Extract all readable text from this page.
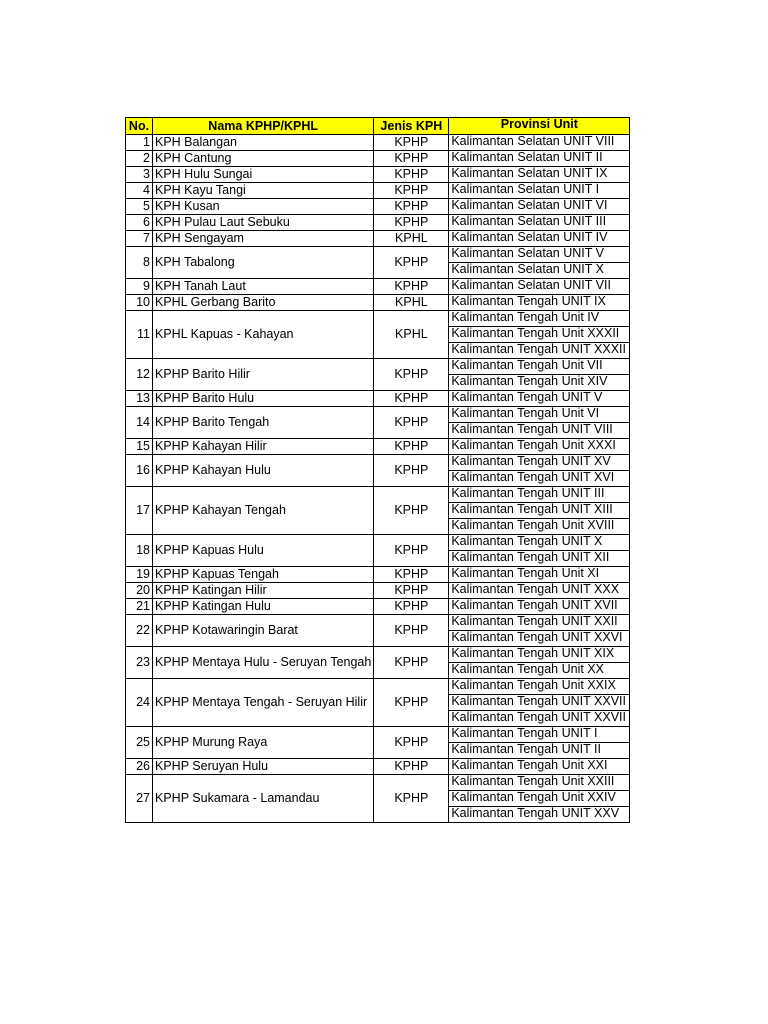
No.	Nama KPHP/KPHL	Jenis KPH	Provinsi Unit
1	KPH Balangan	KPHP	Kalimantan Selatan UNIT VIII
2	KPH Cantung	KPHP	Kalimantan Selatan UNIT II
3	KPH Hulu Sungai	KPHP	Kalimantan Selatan UNIT IX
4	KPH Kayu Tangi	KPHP	Kalimantan Selatan UNIT I
5	KPH Kusan	KPHP	Kalimantan Selatan UNIT VI
6	KPH Pulau Laut Sebuku	KPHP	Kalimantan Selatan UNIT III
7	KPH Sengayam	KPHL	Kalimantan Selatan UNIT IV
8	KPH Tabalong	KPHP	Kalimantan Selatan UNIT V
			Kalimantan Selatan UNIT X
9	KPH Tanah Laut	KPHP	Kalimantan Selatan UNIT VII
10	KPHL Gerbang Barito	KPHL	Kalimantan Tengah UNIT IX
11	KPHL Kapuas - Kahayan	KPHL	Kalimantan Tengah Unit IV
			Kalimantan Tengah Unit XXXII
			Kalimantan Tengah UNIT XXXII
12	KPHP Barito Hilir	KPHP	Kalimantan Tengah Unit VII
			Kalimantan Tengah Unit XIV
13	KPHP Barito Hulu	KPHP	Kalimantan Tengah UNIT V
14	KPHP Barito Tengah	KPHP	Kalimantan Tengah Unit VI
			Kalimantan Tengah UNIT VIII
15	KPHP Kahayan Hilir	KPHP	Kalimantan Tengah Unit XXXI
16	KPHP Kahayan Hulu	KPHP	Kalimantan Tengah UNIT XV
			Kalimantan Tengah UNIT XVI
17	KPHP Kahayan Tengah	KPHP	Kalimantan Tengah UNIT III
			Kalimantan Tengah UNIT XIII
			Kalimantan Tengah Unit XVIII
18	KPHP Kapuas Hulu	KPHP	Kalimantan Tengah UNIT X
			Kalimantan Tengah UNIT XII
19	KPHP Kapuas Tengah	KPHP	Kalimantan Tengah Unit XI
20	KPHP Katingan Hilir	KPHP	Kalimantan Tengah UNIT XXX
21	KPHP Katingan Hulu	KPHP	Kalimantan Tengah UNIT XVII
22	KPHP Kotawaringin Barat	KPHP	Kalimantan Tengah UNIT XXII
			Kalimantan Tengah UNIT XXVI
23	KPHP Mentaya Hulu - Seruyan Tengah	KPHP	Kalimantan Tengah UNIT XIX
			Kalimantan Tengah Unit XX
24	KPHP Mentaya Tengah - Seruyan Hilir	KPHP	Kalimantan Tengah Unit XXIX
			Kalimantan Tengah UNIT XXVII
			Kalimantan Tengah UNIT XXVII
25	KPHP Murung Raya	KPHP	Kalimantan Tengah UNIT I
			Kalimantan Tengah UNIT II
26	KPHP Seruyan Hulu	KPHP	Kalimantan Tengah Unit XXI
27	KPHP Sukamara - Lamandau	KPHP	Kalimantan Tengah Unit XXIII
			Kalimantan Tengah Unit XXIV
			Kalimantan Tengah UNIT XXV
